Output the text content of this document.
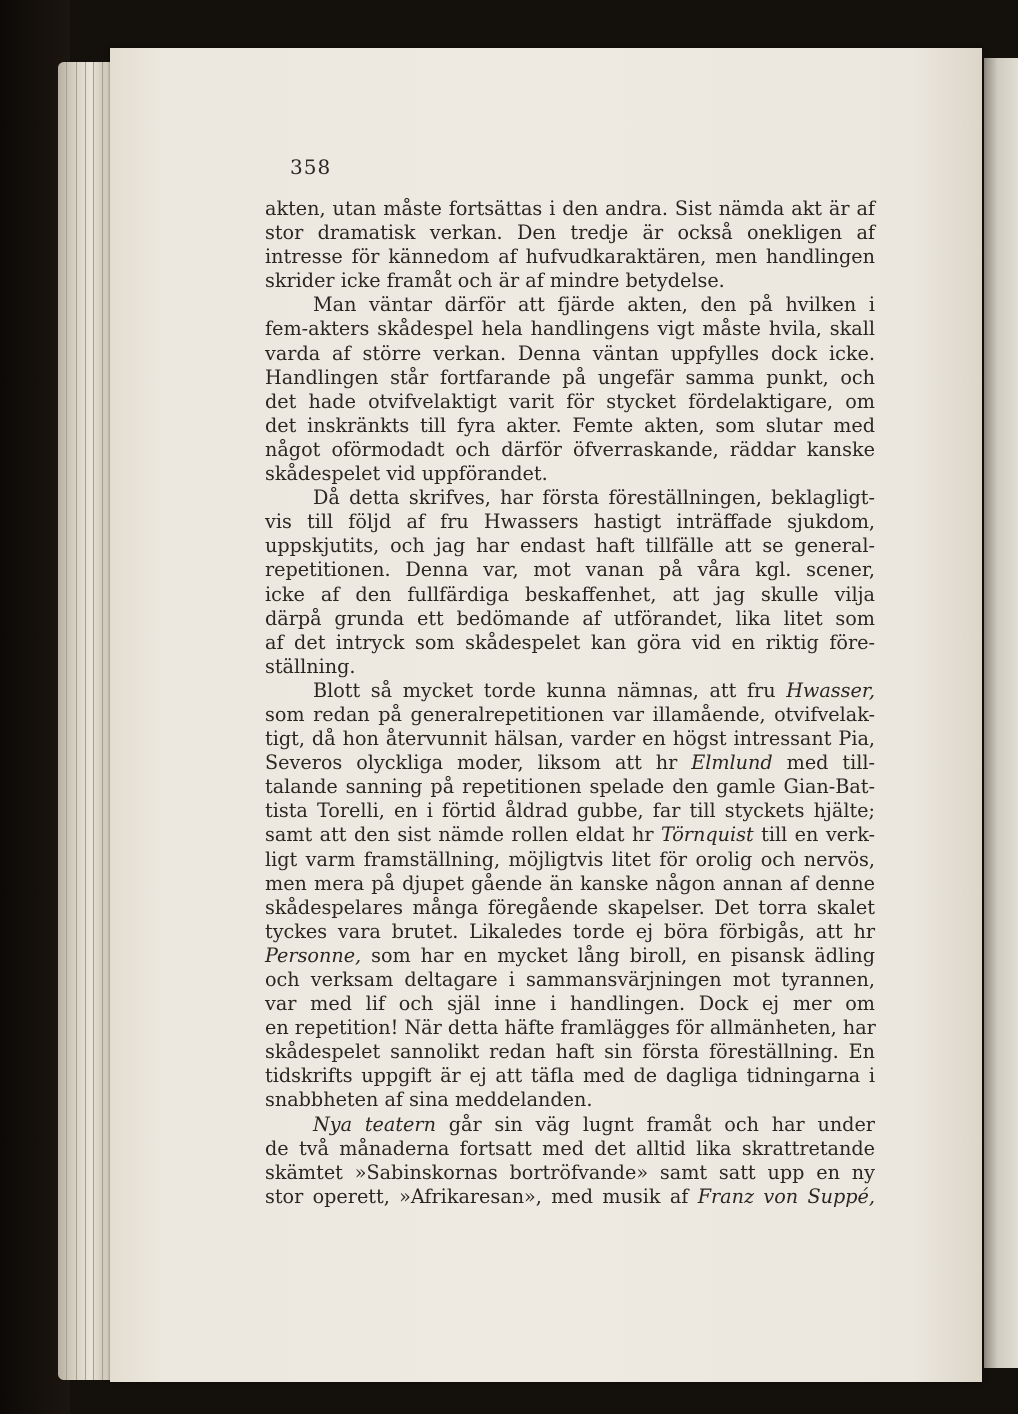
358
akten, utan måste fortsättas i den andra. Sist nämda akt är af
stor dramatisk verkan. Den tredje är också onekligen af
intresse för kännedom af hufvudkaraktären, men handlingen
skrider icke framåt och är af mindre betydelse.
Man väntar därför att fjärde akten, den på hvilken i
fem-akters skådespel hela handlingens vigt måste hvila, skall
varda af större verkan. Denna väntan uppfylles dock icke.
Handlingen står fortfarande på ungefär samma punkt, och
det hade otvifvelaktigt varit för stycket fördelaktigare, om
det inskränkts till fyra akter. Femte akten, som slutar med
något oförmodadt och därför öfverraskande, räddar kanske
skådespelet vid uppförandet.
Då detta skrifves, har första föreställningen, beklagligt-
vis till följd af fru Hwassers hastigt inträffade sjukdom,
uppskjutits, och jag har endast haft tillfälle att se general-
repetitionen. Denna var, mot vanan på våra kgl. scener,
icke af den fullfärdiga beskaffenhet, att jag skulle vilja
därpå grunda ett bedömande af utförandet, lika litet som
af det intryck som skådespelet kan göra vid en riktig före-
ställning.
Blott så mycket torde kunna nämnas, att fru Hwasser,
som redan på generalrepetitionen var illamående, otvifvelak-
tigt, då hon återvunnit hälsan, varder en högst intressant Pia,
Severos olyckliga moder, liksom att hr Elmlund med till-
talande sanning på repetitionen spelade den gamle Gian-Bat-
tista Torelli, en i förtid åldrad gubbe, far till styckets hjälte;
samt att den sist nämde rollen eldat hr Törnquist till en verk-
ligt varm framställning, möjligtvis litet för orolig och nervös,
men mera på djupet gående än kanske någon annan af denne
skådespelares många föregående skapelser. Det torra skalet
tyckes vara brutet. Likaledes torde ej böra förbigås, att hr
Personne, som har en mycket lång biroll, en pisansk ädling
och verksam deltagare i sammansvärjningen mot tyrannen,
var med lif och själ inne i handlingen. Dock ej mer om
en repetition! När detta häfte framlägges för allmänheten, har
skådespelet sannolikt redan haft sin första föreställning. En
tidskrifts uppgift är ej att täfla med de dagliga tidningarna i
snabbheten af sina meddelanden.
Nya teatern går sin väg lugnt framåt och har under
de två månaderna fortsatt med det alltid lika skrattretande
skämtet »Sabinskornas bortröfvande» samt satt upp en ny
stor operett, »Afrikaresan», med musik af Franz von Suppé,
